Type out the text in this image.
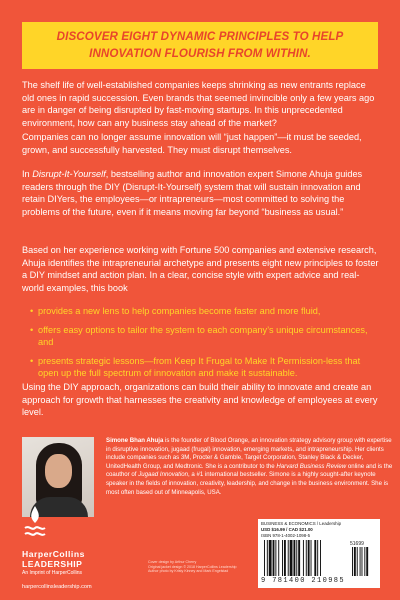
DISCOVER EIGHT DYNAMIC PRINCIPLES TO HELP INNOVATION FLOURISH FROM WITHIN.

The shelf life of well-established companies keeps shrinking as new entrants replace old ones in rapid succession. Even brands that seemed invincible only a few years ago are in danger of being disrupted by fast-moving startups. In this unprecedented environment, how can any business stay ahead of the market?

Companies can no longer assume innovation will “just happen”—it must be seeded, grown, and successfully harvested. They must disrupt themselves.

In Disrupt-It-Yourself, bestselling author and innovation expert Simone Ahuja guides readers through the DIY (Disrupt-It-Yourself) system that will sustain innovation and retain DIYers, the employees—or intrapreneurs—most committed to solving the problems of the future, even if it means moving far beyond “business as usual.”

Based on her experience working with Fortune 500 companies and extensive research, Ahuja identifies the intrapreneurial archetype and presents eight new principles to foster a DIY mindset and action plan. In a clear, concise style with expert advice and real-world examples, this book

• provides a new lens to help companies become faster and more fluid,
• offers easy options to tailor the system to each company’s unique circumstances, and
• presents strategic lessons—from Keep It Frugal to Make It Permission-less that open up the full spectrum of innovation and make it sustainable.

Using the DIY approach, organizations can build their ability to innovate and create an approach for growth that harnesses the creativity and knowledge of employees at every level.

Simone Bhan Ahuja is the founder of Blood Orange, an innovation strategy advisory group with expertise in disruptive innovation, jugaad (frugal) innovation, emerging markets, and intrapreneurship. Her clients include companies such as 3M, Procter & Gamble, Target Corporation, Stanley Black & Decker, UnitedHealth Group, and Medtronic. She is a contributor to the Harvard Business Review online and is the coauthor of Jugaad Innovation, a #1 international bestseller. Simone is a highly sought-after keynote speaker in the fields of innovation, creativity, leadership, and change in the business environment. She is most often based out of Minneapolis, USA.
HarperCollins
LEADERSHIP
An Imprint of HarperCollins
harpercollinsleadership.com
Cover design by Arthur Cherry
Original jacket design © 2018 HarperCollins Leadership
Author photo by Kristy Kinney and Mark Engelstad
BUSINESS & ECONOMICS / Leadership
USD $16.99 / CAD $21.00
ISBN 978-1-4002-1098-5
51699
9 781400 210985
